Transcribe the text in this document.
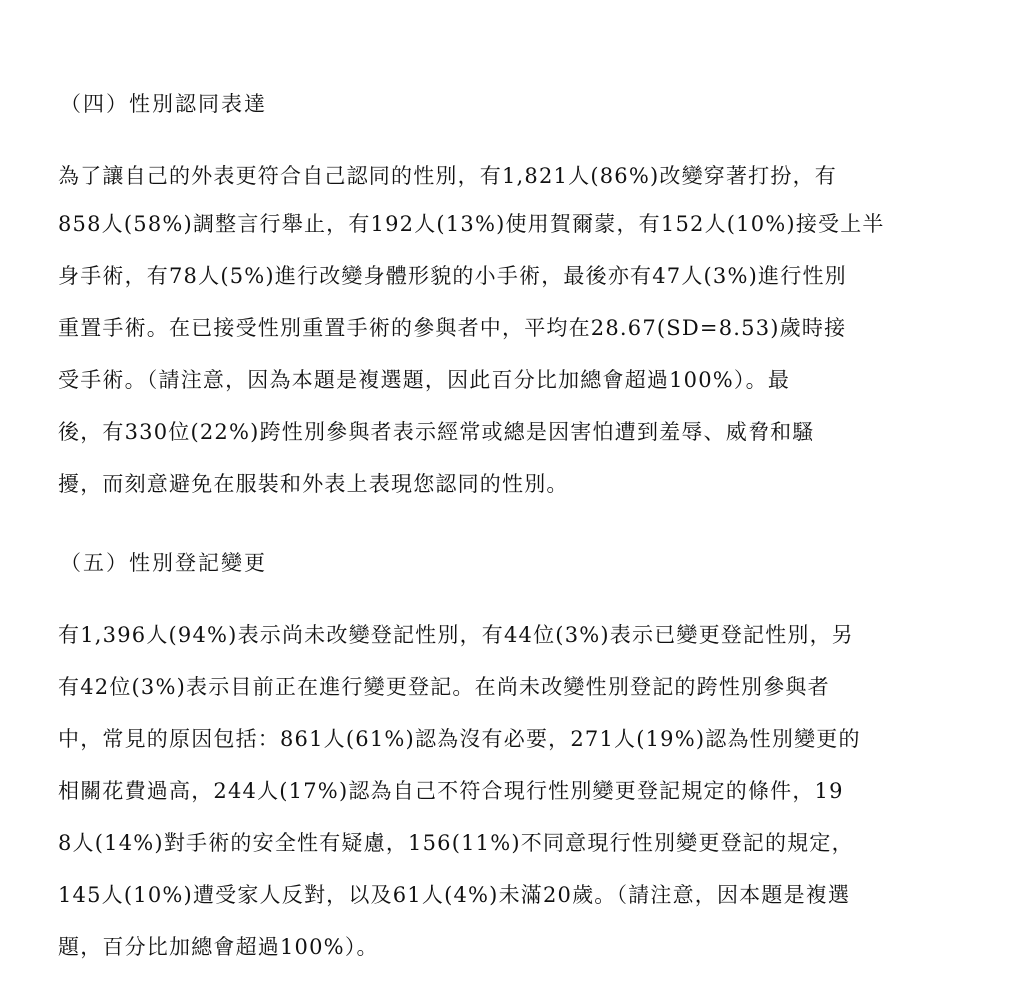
（四）性別認同表達
為了讓自己的外表更符合自己認同的性別，有1,821人(86%)改變穿著打扮，有
858人(58%)調整言行舉止，有192人(13%)使用賀爾蒙，有152人(10%)接受上半
身手術，有78人(5%)進行改變身體形貌的小手術，最後亦有47人(3%)進行性別
重置手術。在已接受性別重置手術的參與者中，平均在28.67(SD=8.53)歲時接
受手術。（請注意，因為本題是複選題，因此百分比加總會超過100%）。最
後，有330位(22%)跨性別參與者表示經常或總是因害怕遭到羞辱、威脅和騷
擾，而刻意避免在服裝和外表上表現您認同的性別。
（五）性別登記變更
有1,396人(94%)表示尚未改變登記性別，有44位(3%)表示已變更登記性別，另
有42位(3%)表示目前正在進行變更登記。在尚未改變性別登記的跨性別參與者
中，常見的原因包括：861人(61%)認為沒有必要，271人(19%)認為性別變更的
相關花費過高，244人(17%)認為自己不符合現行性別變更登記規定的條件，19
8人(14%)對手術的安全性有疑慮，156(11%)不同意現行性別變更登記的規定，
145人(10%)遭受家人反對，以及61人(4%)未滿20歲。（請注意，因本題是複選
題，百分比加總會超過100%）。
